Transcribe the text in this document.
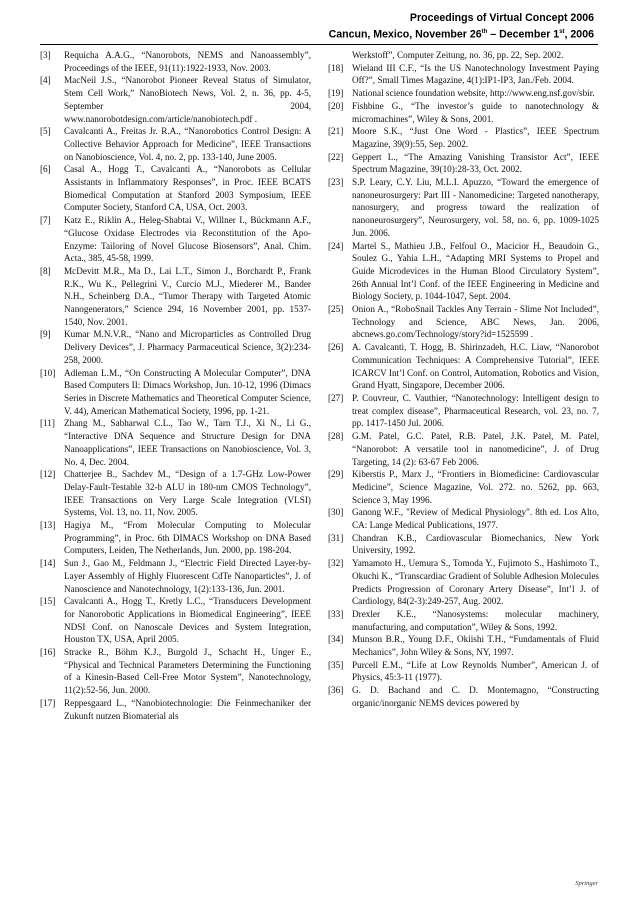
Proceedings of Virtual Concept 2006
Cancun, Mexico, November 26th – December 1st, 2006
[3]	Requicha A.A.G., “Nanorobots, NEMS and Nanoassembly”, Proceedings of the IEEE, 91(11):1922-1933, Nov. 2003.
[4]	MacNeil J.S., “Nanorobot Pioneer Reveal Status of Simulator, Stem Cell Work,” NanoBiotech News, Vol. 2, n. 36, pp. 4-5, September 2004, www.nanorobotdesign.com/article/nanobiotech.pdf .
[5]	Cavalcanti A., Freitas Jr. R.A., “Nanorobotics Control Design: A Collective Behavior Approach for Medicine”, IEEE Transactions on Nanobioscience, Vol. 4, no. 2, pp. 133-140, June 2005.
[6]	Casal A., Hogg T., Cavalcanti A., “Nanorobots as Cellular Assistants in Inflammatory Responses”, in Proc. IEEE BCATS Biomedical Computation at Stanford 2003 Symposium, IEEE Computer Society, Stanford CA, USA, Oct. 2003.
[7]	Katz E., Riklin A., Heleg-Shabtai V., Willner I., Bückmann A.F., “Glucose Oxidase Electrodes via Reconstitution of the Apo-Enzyme: Tailoring of Novel Glucose Biosensors”, Anal. Chim. Acta., 385, 45-58, 1999.
[8]	McDevitt M.R., Ma D., Lai L.T., Simon J., Borchardt P., Frank R.K., Wu K., Pellegrini V., Curcio M.J., Miederer M., Bander N.H., Scheinberg D.A., “Tumor Therapy with Targeted Atomic Nanogenerators,” Science 294, 16 November 2001, pp. 1537-1540, Nov. 2001.
[9]	Kumar M.N.V.R., “Nano and Microparticles as Controlled Drug Delivery Devices”, J. Pharmacy Parmaceutical Science, 3(2):234-258, 2000.
[10] Adleman L.M., “On Constructing A Molecular Computer”, DNA Based Computers II: Dimacs Workshop, Jun. 10-12, 1996 (Dimacs Series in Discrete Mathematics and Theoretical Computer Science, V. 44), American Mathematical Society, 1996, pp. 1-21.
[11] Zhang M., Sabharwal C.L., Tao W., Tarn T.J., Xi N., Li G., “Interactive DNA Sequence and Structure Design for DNA Nanoapplications”, IEEE Transactions on Nanobioscience, Vol. 3, No. 4, Dec. 2004.
[12] Chatterjee B., Sachdev M., “Design of a 1.7-GHz Low-Power Delay-Fault-Testable 32-b ALU in 180-nm CMOS Technology”, IEEE Transactions on Very Large Scale Integration (VLSI) Systems, Vol. 13, no. 11, Nov. 2005.
[13] Hagiya M., “From Molecular Computing to Molecular Programming”, in Proc. 6th DIMACS Workshop on DNA Based Computers, Leiden, The Netherlands, Jun. 2000, pp. 198-204.
[14] Sun J., Gao M., Feldmann J., “Electric Field Directed Layer-by-Layer Assembly of Highly Fluorescent CdTe Nanoparticles”, J. of Nanoscience and Nanotechnology, 1(2):133-136, Jun. 2001.
[15] Cavalcanti A., Hogg T., Kretly L.C., “Transducers Development for Nanorobotic Applications in Biomedical Engineering”, IEEE NDSI Conf. on Nanoscale Devices and System Integration, Houston TX, USA, April 2005.
[16] Stracke R., Böhm K.J., Burgold J., Schacht H., Unger E., “Physical and Technical Parameters Determining the Functioning of a Kinesin-Based Cell-Free Motor System”, Nanotechnology, 11(2):52-56, Jun. 2000.
[17] Reppesgaard L., “Nanobiotechnologie: Die Feinmechaniker der Zukunft nutzen Biomaterial als
Werkstoff”, Computer Zeitung, no. 36, pp. 22, Sep. 2002.
[18] Wieland III C.F., “Is the US Nanotechnology Investment Paying Off?”, Small Times Magazine, 4(1):IP1-IP3, Jan./Feb. 2004.
[19] National science foundation website, http://www.eng.nsf.gov/sbir.
[20] Fishbine G., “The investor’s guide to nanotechnology & micromachines”, Wiley & Sons, 2001.
[21] Moore S.K., “Just One Word - Plastics”, IEEE Spectrum Magazine, 39(9):55, Sep. 2002.
[22] Geppert L., “The Amazing Vanishing Transistor Act”, IEEE Spectrum Magazine, 39(10):28-33, Oct. 2002.
[23] S.P. Leary, C.Y. Liu, M.L.I. Apuzzo, “Toward the emergence of nanoneurosurgery: Part III - Nanomedicine: Targeted nanotherapy, nanosurgery, and progress toward the realization of nanoneurosurgery”, Neurosurgery, vol. 58, no. 6, pp. 1009-1025 Jun. 2006.
[24] Martel S., Mathieu J.B., Felfoul O., Macicior H., Beaudoin G., Soulez G., Yahia L.H., “Adapting MRI Systems to Propel and Guide Microdevices in the Human Blood Circulatory System”, 26th Annual Int’l Conf. of the IEEE Engineering in Medicine and Biology Society, p. 1044-1047, Sept. 2004.
[25] Onion A., “RoboSnail Tackles Any Terrain - Slime Not Included”, Technology and Science, ABC News, Jan. 2006, abcnews.go.com/Technology/story?id=1525599 .
[26] A. Cavalcanti, T. Hogg, B. Shirinzadeh, H.C. Liaw, “Nanorobot Communication Techniques: A Comprehensive Tutorial”, IEEE ICARCV Int’l Conf. on Control, Automation, Robotics and Vision, Grand Hyatt, Singapore, December 2006.
[27] P. Couvreur, C. Vauthier, “Nanotechnology: Intelligent design to treat complex disease”, Pharmaceutical Research, vol. 23, no. 7, pp. 1417-1450 Jul. 2006.
[28] G.M. Patel, G.C. Patel, R.B. Patel, J.K. Patel, M. Patel, “Nanorobot: A versatile tool in nanomedicine”, J. of Drug Targeting, 14 (2): 63-67 Feb 2006.
[29] Kiberstis P., Marx J., “Frontiers in Biomedicine: Cardiovascular Medicine”, Science Magazine, Vol. 272. no. 5262, pp. 663, Science 3, May 1996.
[30] Ganong W.F., "Review of Medical Physiology". 8th ed. Los Alto, CA: Lange Medical Publications, 1977.
[31] Chandran K.B., Cardiovascular Biomechanics, New York University, 1992.
[32] Yamamoto H., Uemura S., Tomoda Y., Fujimoto S., Hashimoto T., Okuchi K., “Transcardiac Gradient of Soluble Adhesion Molecules Predicts Progression of Coronary Artery Disease”, Int’l J. of Cardiology, 84(2-3):249-257, Aug. 2002.
[33] Drexler K.E., “Nanosystems: molecular machinery, manufacturing, and computation”, Wiley & Sons, 1992.
[34] Munson B.R., Young D.F., Okiishi T.H., “Fundamentals of Fluid Mechanics”, John Wiley & Sons, NY, 1997.
[35] Purcell E.M., “Life at Low Reynolds Number”, American J. of Physics, 45:3-11 (1977).
[36] G. D. Bachand and C. D. Montemagno, “Constructing organic/inorganic NEMS devices powered by
Springer
